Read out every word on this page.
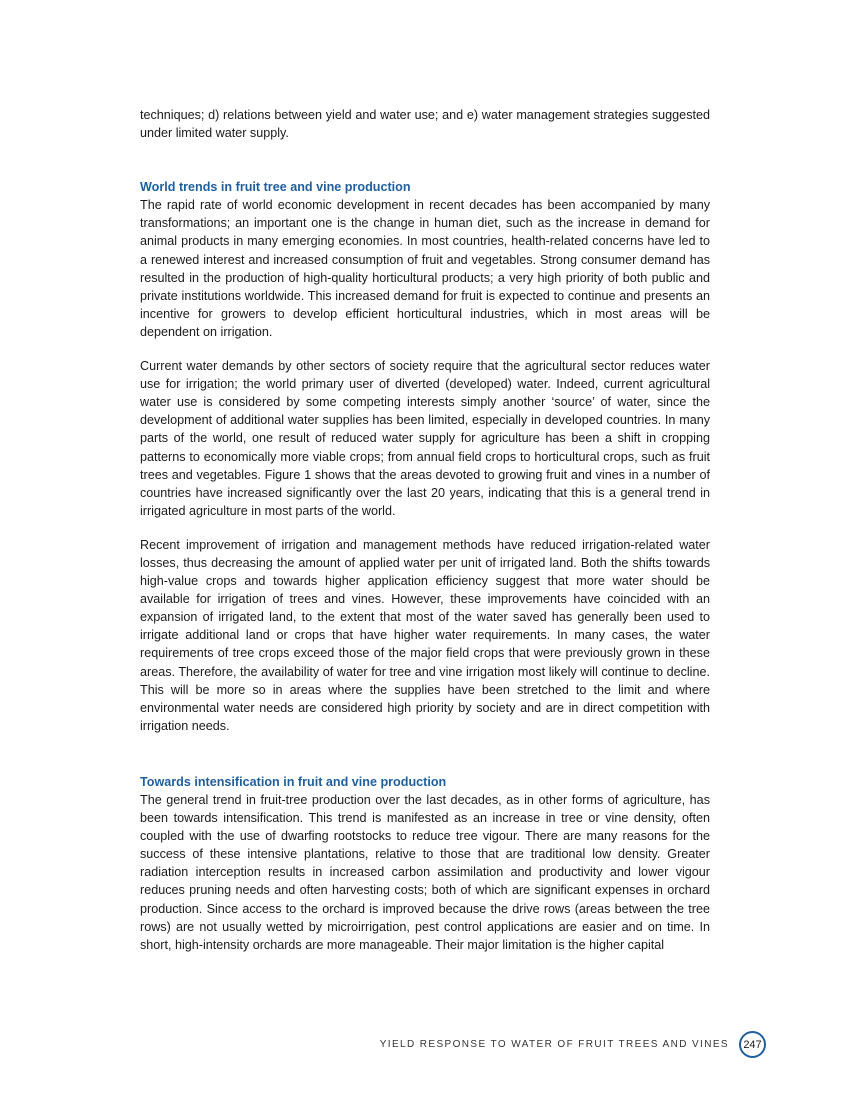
techniques; d) relations between yield and water use; and e) water management strategies suggested under limited water supply.

World trends in fruit tree and vine production

The rapid rate of world economic development in recent decades has been accompanied by many transformations; an important one is the change in human diet, such as the increase in demand for animal products in many emerging economies. In most countries, health-related concerns have led to a renewed interest and increased consumption of fruit and vegetables. Strong consumer demand has resulted in the production of high-quality horticultural products; a very high priority of both public and private institutions worldwide. This increased demand for fruit is expected to continue and presents an incentive for growers to develop efficient horticultural industries, which in most areas will be dependent on irrigation.

Current water demands by other sectors of society require that the agricultural sector reduces water use for irrigation; the world primary user of diverted (developed) water. Indeed, current agricultural water use is considered by some competing interests simply another ‘source’ of water, since the development of additional water supplies has been limited, especially in developed countries. In many parts of the world, one result of reduced water supply for agriculture has been a shift in cropping patterns to economically more viable crops; from annual field crops to horticultural crops, such as fruit trees and vegetables. Figure 1 shows that the areas devoted to growing fruit and vines in a number of countries have increased significantly over the last 20 years, indicating that this is a general trend in irrigated agriculture in most parts of the world.

Recent improvement of irrigation and management methods have reduced irrigation-related water losses, thus decreasing the amount of applied water per unit of irrigated land. Both the shifts towards high-value crops and towards higher application efficiency suggest that more water should be available for irrigation of trees and vines. However, these improvements have coincided with an expansion of irrigated land, to the extent that most of the water saved has generally been used to irrigate additional land or crops that have higher water requirements. In many cases, the water requirements of tree crops exceed those of the major field crops that were previously grown in these areas. Therefore, the availability of water for tree and vine irrigation most likely will continue to decline. This will be more so in areas where the supplies have been stretched to the limit and where environmental water needs are considered high priority by society and are in direct competition with irrigation needs.

Towards intensification in fruit and vine production

The general trend in fruit-tree production over the last decades, as in other forms of agriculture, has been towards intensification. This trend is manifested as an increase in tree or vine density, often coupled with the use of dwarfing rootstocks to reduce tree vigour. There are many reasons for the success of these intensive plantations, relative to those that are traditional low density. Greater radiation interception results in increased carbon assimilation and productivity and lower vigour reduces pruning needs and often harvesting costs; both of which are significant expenses in orchard production. Since access to the orchard is improved because the drive rows (areas between the tree rows) are not usually wetted by microirrigation, pest control applications are easier and on time. In short, high-intensity orchards are more manageable. Their major limitation is the higher capital

YIELD RESPONSE TO WATER OF FRUIT TREES AND VINES	247
